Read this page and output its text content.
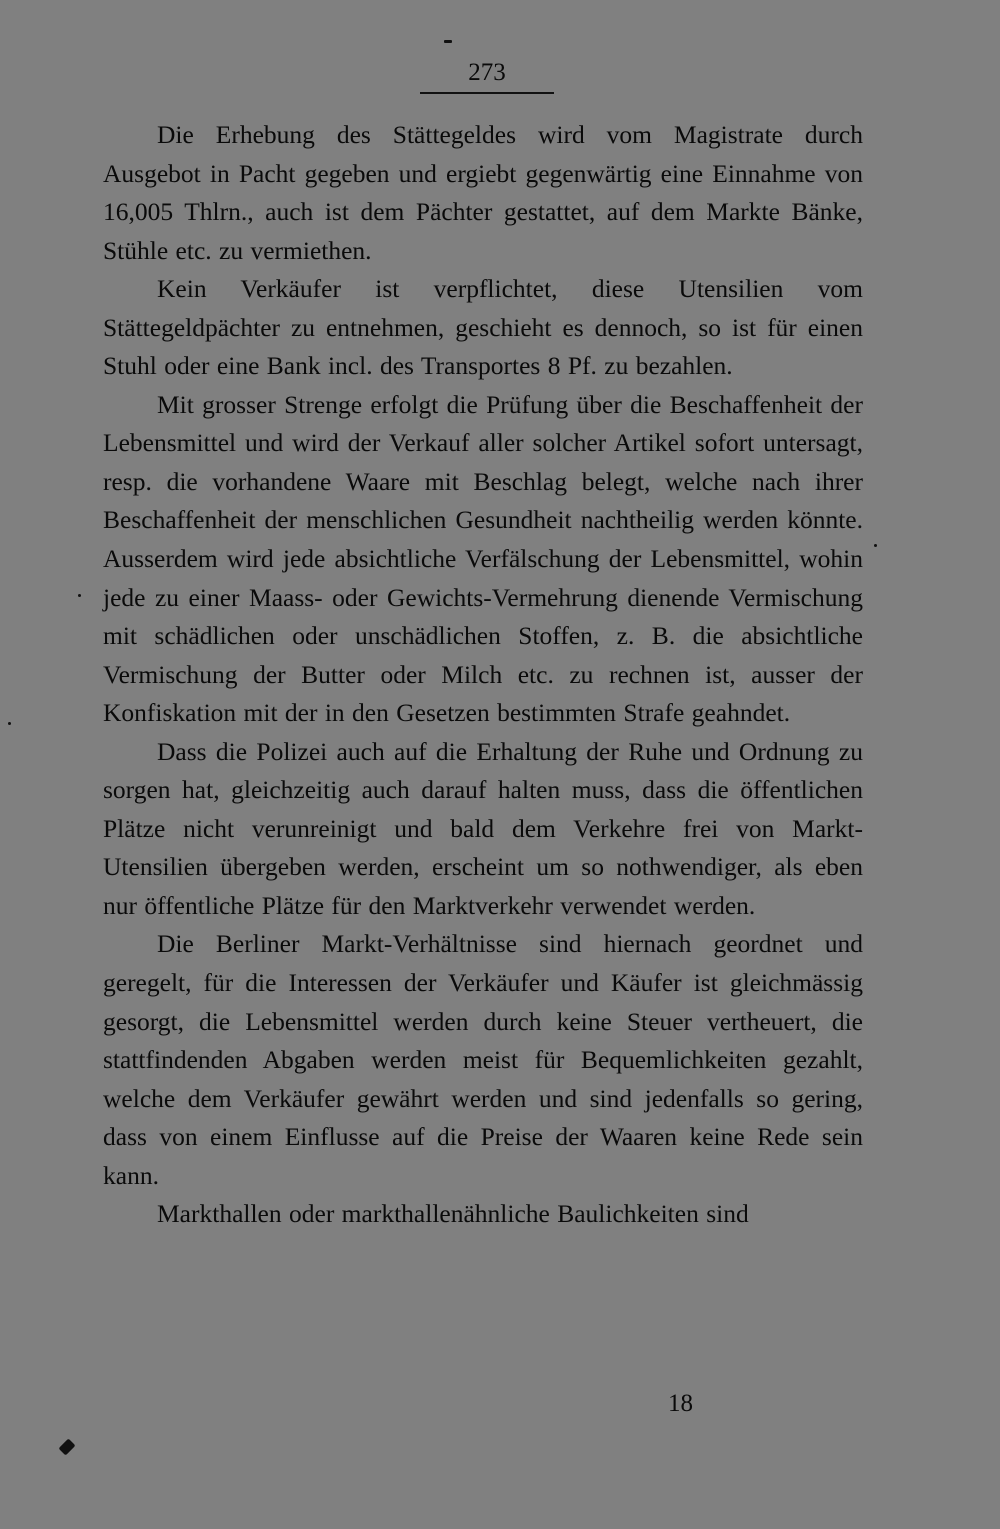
273

Die Erhebung des Stättegeldes wird vom Magistrate durch Ausgebot in Pacht gegeben und ergiebt gegenwärtig eine Einnahme von 16,005 Thlrn., auch ist dem Pächter gestattet, auf dem Markte Bänke, Stühle etc. zu vermiethen.

Kein Verkäufer ist verpflichtet, diese Utensilien vom Stättegeldpächter zu entnehmen, geschieht es dennoch, so ist für einen Stuhl oder eine Bank incl. des Transportes 8 Pf. zu bezahlen.

Mit grosser Strenge erfolgt die Prüfung über die Beschaffenheit der Lebensmittel und wird der Verkauf aller solcher Artikel sofort untersagt, resp. die vorhandene Waare mit Beschlag belegt, welche nach ihrer Beschaffenheit der menschlichen Gesundheit nachtheilig werden könnte. Ausserdem wird jede absichtliche Verfälschung der Lebensmittel, wohin jede zu einer Maass- oder Gewichts-Vermehrung dienende Vermischung mit schädlichen oder unschädlichen Stoffen, z. B. die absichtliche Vermischung der Butter oder Milch etc. zu rechnen ist, ausser der Konfiskation mit der in den Gesetzen bestimmten Strafe geahndet.

Dass die Polizei auch auf die Erhaltung der Ruhe und Ordnung zu sorgen hat, gleichzeitig auch darauf halten muss, dass die öffentlichen Plätze nicht verunreinigt und bald dem Verkehre frei von Markt-Utensilien übergeben werden, erscheint um so nothwendiger, als eben nur öffentliche Plätze für den Marktverkehr verwendet werden.

Die Berliner Markt-Verhältnisse sind hiernach geordnet und geregelt, für die Interessen der Verkäufer und Käufer ist gleichmässig gesorgt, die Lebensmittel werden durch keine Steuer vertheuert, die stattfindenden Abgaben werden meist für Bequemlichkeiten gezahlt, welche dem Verkäufer gewährt werden und sind jedenfalls so gering, dass von einem Einflusse auf die Preise der Waaren keine Rede sein kann.

Markthallen oder markthallenähnliche Baulichkeiten sind

18
